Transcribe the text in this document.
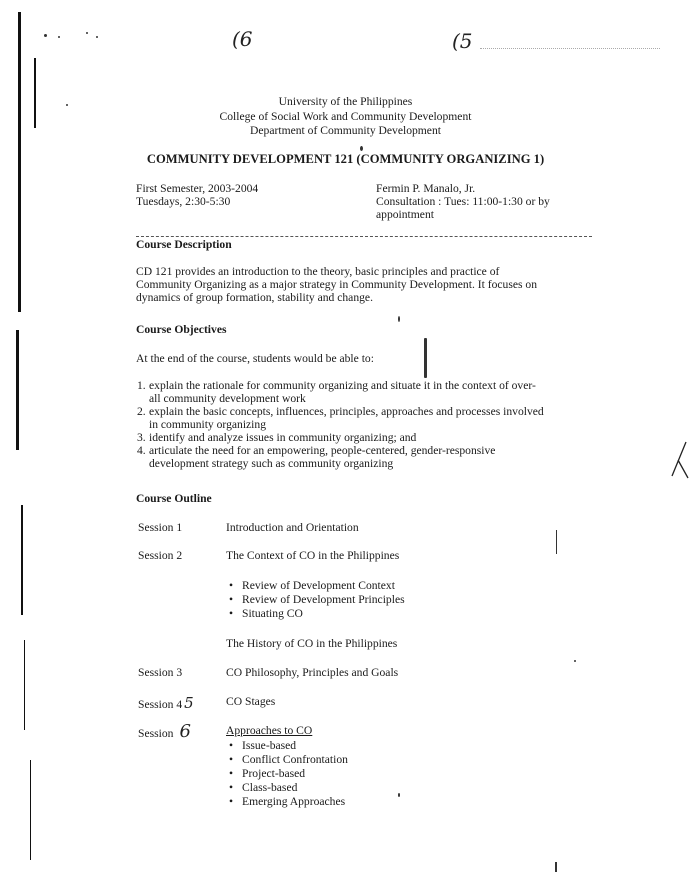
(6	(5
University of the Philippines
College of Social Work and Community Development
Department of Community Development
COMMUNITY DEVELOPMENT 121 (COMMUNITY ORGANIZING 1)
First Semester, 2003-2004
Tuesdays, 2:30-5:30
Fermin P. Manalo, Jr.
Consultation : Tues: 11:00-1:30 or by
appointment
Course Description
CD 121 provides an introduction to the theory, basic principles and practice of
Community Organizing as a major strategy in Community Development. It focuses on
dynamics of group formation, stability and change.
Course Objectives
At the end of the course, students would be able to:
1. explain the rationale for community organizing and situate it in the context of over-
all community development work
2. explain the basic concepts, influences, principles, approaches and processes involved
in community organizing
3. identify and analyze issues in community organizing; and
4. articulate the need for an empowering, people-centered, gender-responsive
development strategy such as community organizing
Course Outline
Session 1	Introduction and Orientation
Session 2	The Context of CO in the Philippines
• Review of Development Context
• Review of Development Principles
• Situating CO
The History of CO in the Philippines
Session 3	CO Philosophy, Principles and Goals
Session 4 5	CO Stages
Session 6	Approaches to CO
• Issue-based
• Conflict Confrontation
• Project-based
• Class-based
• Emerging Approaches
